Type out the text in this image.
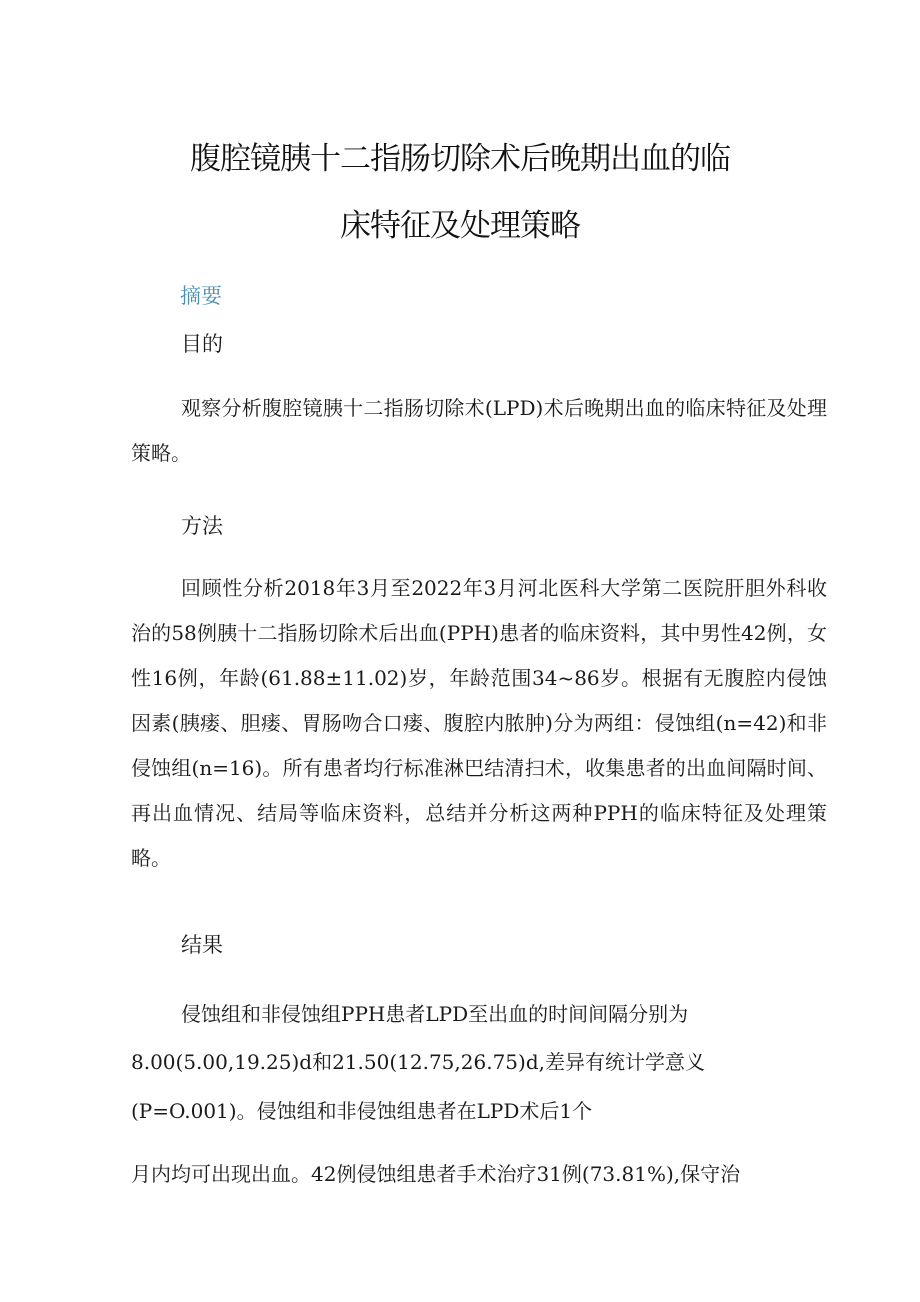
腹腔镜胰十二指肠切除术后晚期出血的临
床特征及处理策略
摘要
目的

观察分析腹腔镜胰十二指肠切除术(LPD)术后晚期出血的临床特征及处理策略。

方法

回顾性分析2018年3月至2022年3月河北医科大学第二医院肝胆外科收治的58例胰十二指肠切除术后出血(PPH)患者的临床资料，其中男性42例，女性16例，年龄(61.88±11.02)岁，年龄范围34~86岁。根据有无腹腔内侵蚀因素(胰瘘、胆瘘、胃肠吻合口瘘、腹腔内脓肿)分为两组：侵蚀组(n=42)和非侵蚀组(n=16)。所有患者均行标准淋巴结清扫术，收集患者的出血间隔时间、再出血情况、结局等临床资料，总结并分析这两种PPH的临床特征及处理策略。

结果
侵蚀组和非侵蚀组PPH患者LPD至出血的时间间隔分别为
8.00(5.00,19.25)d和21.50(12.75,26.75)d,差异有统计学意义
(P=O.001)。侵蚀组和非侵蚀组患者在LPD术后1个
月内均可出现出血。42例侵蚀组患者手术治疗31例(73.81%),保守治
